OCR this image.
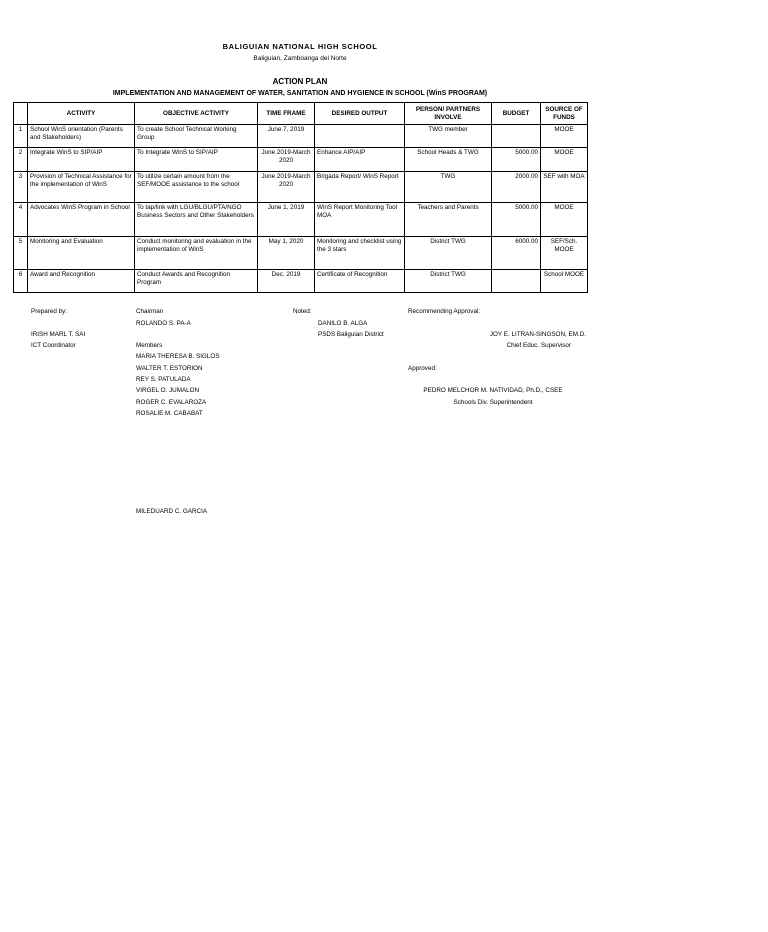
BALIGUIAN NATIONAL HIGH SCHOOL
Baliguian, Zamboanga del Norte
ACTION PLAN
IMPLEMENTATION AND MANAGEMENT OF WATER, SANITATION AND HYGIENCE IN SCHOOL (WinS PROGRAM)
	ACTIVITY	OBJECTIVE ACTIVITY	TIME FRAME	DESIRED OUTPUT	PERSON/ PARTNERS INVOLVE	BUDGET	SOURCE OF FUNDS
1	School WinS orientation (Parents and Stakeholders)	To create School Technical Working Group	June 7, 2019		TWG member		MOOE
2	Integrate WinS to SIP/AIP	To Integrate WinS to SIP/AIP	June 2019-March 2020	Enhance AIP/AIP	School Heads & TWG	5000.00	MOOE
3	Provision of Technical Assistance for the implementation of WinS	To utilize certain amount from the SEF/MOOE assistance to the school	June 2019-March 2020	Brigada Report/ WinS Report	TWG	2000.00	SEF with MOA
4	Advocates WinS Program in School	To tap/link with LGU/BLGU/PTA/NGO Business Sectors and Other Stakeholders	June 1, 2019	WinS Report Monitoring Tool MOA	Teachers and Parents	5000.00	MOOE
5	Monitoring and Evaluation	Conduct monitoring and evaluation in the implementation of WinS	May 1, 2020	Monitoring and checklist using the 3 stars	District TWG	6000.00	SEF/Sch. MOOE
6	Award and Recognition	Conduct Awards and Recognition Program	Dec. 2019	Certificate of Recognition	District TWG		School MOOE
Prepared by:
IRISH MARL T. SAI
ICT Coordinator
Chairman
ROLANDO S. PA-A
Members
MARIA THERESA B. SIGLOS
WALTER T. ESTORION
REY S. PATULADA
VIRGEL O. JUMALON
ROGER C. EVALAROZA
ROSALIE M. CABABAT
Noted:
DANILO B. ALGA
PSDS Baliguian District
Recommending Approval:
JOY E. LITRAN-SINGSON, EM.D.
Chief Educ. Supervisor
Approved:
PEDRO MELCHOR M. NATIVIDAD, Ph.D., CSEE
Schools Div. Superintendent
MILEDUARD C. GARCIA
